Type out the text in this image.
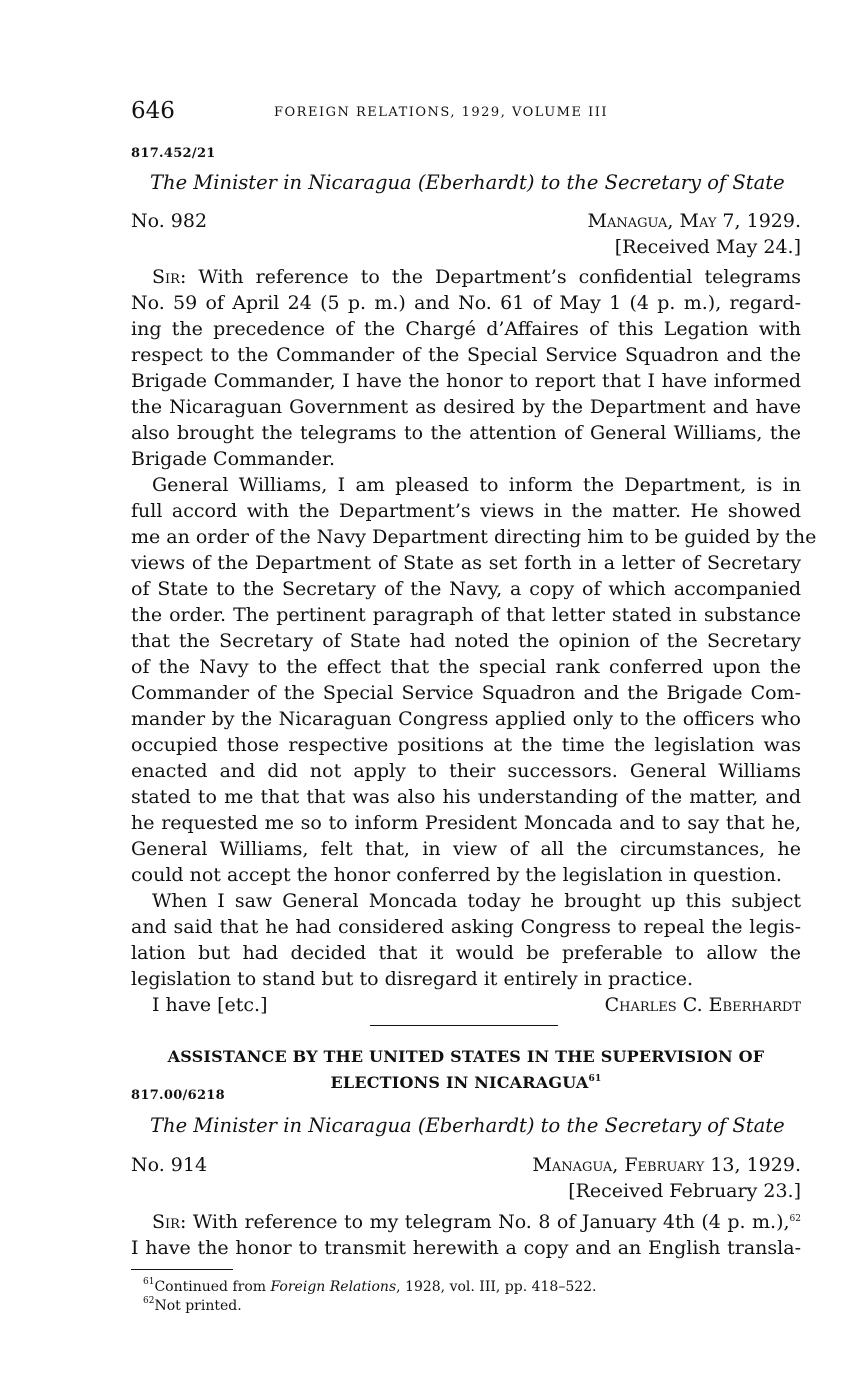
646	FOREIGN RELATIONS, 1929, VOLUME III
817.452/21
The Minister in Nicaragua (Eberhardt) to the Secretary of State
No. 982	Managua, May 7, 1929.
[Received May 24.]
Sir: With reference to the Department’s confidential telegrams
No. 59 of April 24 (5 p. m.) and No. 61 of May 1 (4 p. m.), regard-
ing the precedence of the Chargé d’Affaires of this Legation with
respect to the Commander of the Special Service Squadron and the
Brigade Commander, I have the honor to report that I have informed
the Nicaraguan Government as desired by the Department and have
also brought the telegrams to the attention of General Williams, the
Brigade Commander.
General Williams, I am pleased to inform the Department, is in
full accord with the Department’s views in the matter. He showed
me an order of the Navy Department directing him to be guided by the
views of the Department of State as set forth in a letter of Secretary
of State to the Secretary of the Navy, a copy of which accompanied
the order. The pertinent paragraph of that letter stated in substance
that the Secretary of State had noted the opinion of the Secretary
of the Navy to the effect that the special rank conferred upon the
Commander of the Special Service Squadron and the Brigade Com-
mander by the Nicaraguan Congress applied only to the officers who
occupied those respective positions at the time the legislation was
enacted and did not apply to their successors. General Williams
stated to me that that was also his understanding of the matter, and
he requested me so to inform President Moncada and to say that he,
General Williams, felt that, in view of all the circumstances, he
could not accept the honor conferred by the legislation in question.
When I saw General Moncada today he brought up this subject
and said that he had considered asking Congress to repeal the legis-
lation but had decided that it would be preferable to allow the
legislation to stand but to disregard it entirely in practice.
I have [etc.]	Charles C. Eberhardt
ASSISTANCE BY THE UNITED STATES IN THE SUPERVISION OF
ELECTIONS IN NICARAGUA$^{61}$
817.00/6218
The Minister in Nicaragua (Eberhardt) to the Secretary of State
No. 914	Managua, February 13, 1929.
[Received February 23.]
Sir: With reference to my telegram No. 8 of January 4th (4 p. m.),$^{62}$
I have the honor to transmit herewith a copy and an English transla-
$^{61}$Continued from Foreign Relations, 1928, vol. III, pp. 418–522.
$^{62}$Not printed.
